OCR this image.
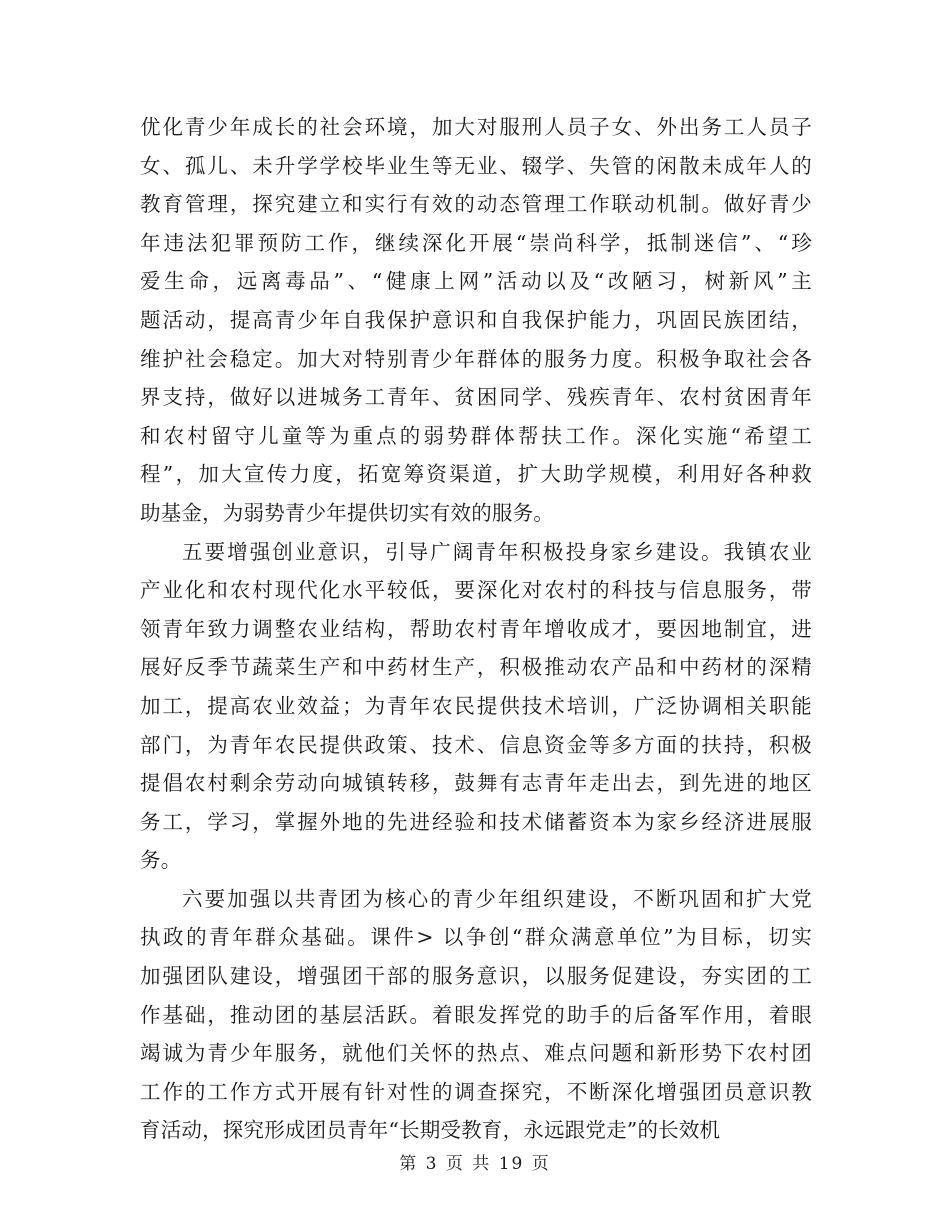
优化青少年成长的社会环境，加大对服刑人员子女、外出务工人员子
女、孤儿、未升学学校毕业生等无业、辍学、失管的闲散未成年人的
教育管理，探究建立和实行有效的动态管理工作联动机制。做好青少
年违法犯罪预防工作，继续深化开展“崇尚科学，抵制迷信”、“珍
爱生命，远离毒品”、“健康上网”活动以及“改陋习，树新风”主
题活动，提高青少年自我保护意识和自我保护能力，巩固民族团结，
维护社会稳定。加大对特别青少年群体的服务力度。积极争取社会各
界支持，做好以进城务工青年、贫困同学、残疾青年、农村贫困青年
和农村留守儿童等为重点的弱势群体帮扶工作。深化实施“希望工
程”，加大宣传力度，拓宽筹资渠道，扩大助学规模，利用好各种救
助基金，为弱势青少年提供切实有效的服务。
五要增强创业意识，引导广阔青年积极投身家乡建设。我镇农业
产业化和农村现代化水平较低，要深化对农村的科技与信息服务，带
领青年致力调整农业结构，帮助农村青年增收成才，要因地制宜，进
展好反季节蔬菜生产和中药材生产，积极推动农产品和中药材的深精
加工，提高农业效益；为青年农民提供技术培训，广泛协调相关职能
部门，为青年农民提供政策、技术、信息资金等多方面的扶持，积极
提倡农村剩余劳动向城镇转移，鼓舞有志青年走出去，到先进的地区
务工，学习，掌握外地的先进经验和技术储蓄资本为家乡经济进展服
务。
六要加强以共青团为核心的青少年组织建设，不断巩固和扩大党
执政的青年群众基础。课件> 以争创“群众满意单位”为目标，切实
加强团队建设，增强团干部的服务意识，以服务促建设，夯实团的工
作基础，推动团的基层活跃。着眼发挥党的助手的后备军作用，着眼
竭诚为青少年服务，就他们关怀的热点、难点问题和新形势下农村团
工作的工作方式开展有针对性的调查探究，不断深化增强团员意识教
育活动，探究形成团员青年“长期受教育，永远跟党走”的长效机
第 3 页 共 19 页
